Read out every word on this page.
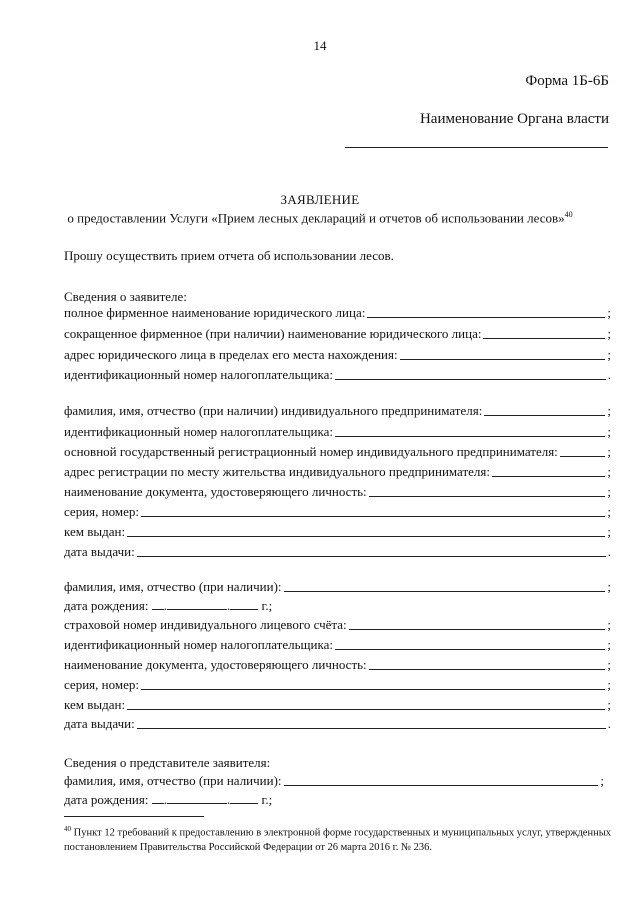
14
Форма 1Б-6Б
Наименование Органа власти
ЗАЯВЛЕНИЕ
о предоставлении Услуги «Прием лесных деклараций и отчетов об использовании лесов»$^{40}$
Прошу осуществить прием отчета об использовании лесов.
Сведения о заявителе:
полное фирменное наименование юридического лица:	;
сокращенное фирменное (при наличии) наименование юридического лица:	;
адрес юридического лица в пределах его места нахождения:	;
идентификационный номер налогоплательщика:	.
фамилия, имя, отчество (при наличии) индивидуального предпринимателя:	;
идентификационный номер налогоплательщика:	;
основной государственный регистрационный номер индивидуального предпринимателя:	;
адрес регистрации по месту жительства индивидуального предпринимателя:	;
наименование документа, удостоверяющего личность:	;
серия, номер:	;
кем выдан:	;
дата выдачи:	.
фамилия, имя, отчество (при наличии):	;
дата рождения: .	. г.;
страховой номер индивидуального лицевого счёта:	;
идентификационный номер налогоплательщика:	;
наименование документа, удостоверяющего личность:	;
серия, номер:	;
кем выдан:	;
дата выдачи:	.
Сведения о представителе заявителя:
фамилия, имя, отчество (при наличии):	;
дата рождения: .	. г.;
$^{40}$ Пункт 12 требований к предоставлению в электронной форме государственных и муниципальных услуг, утвержденных постановлением Правительства Российской Федерации от 26 марта 2016 г. № 236.
